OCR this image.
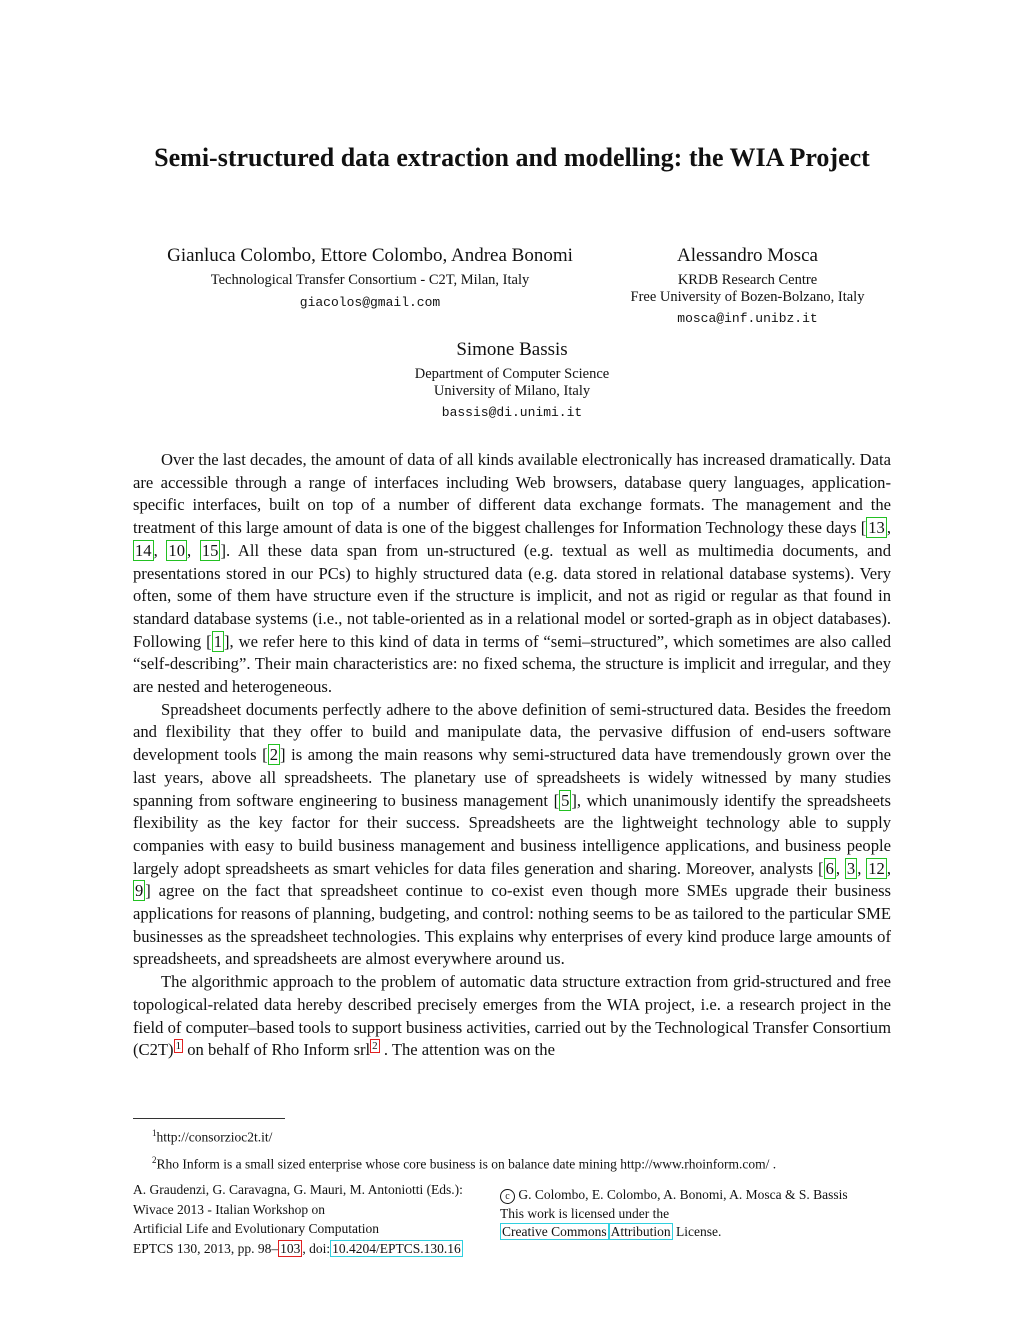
Semi-structured data extraction and modelling: the WIA Project
Gianluca Colombo, Ettore Colombo, Andrea Bonomi
Technological Transfer Consortium - C2T, Milan, Italy
giacolos@gmail.com
Alessandro Mosca
KRDB Research Centre
Free University of Bozen-Bolzano, Italy
mosca@inf.unibz.it
Simone Bassis
Department of Computer Science
University of Milano, Italy
bassis@di.unimi.it

Over the last decades, the amount of data of all kinds available electronically has increased dramatically. Data are accessible through a range of interfaces including Web browsers, database query languages, application-specific interfaces, built on top of a number of different data exchange formats. The management and the treatment of this large amount of data is one of the biggest challenges for Information Technology these days [ 13 , 14 , 10 , 15 ]. All these data span from un-structured (e.g. textual as well as multimedia documents, and presentations stored in our PCs) to highly structured data (e.g. data stored in relational database systems). Very often, some of them have structure even if the structure is implicit, and not as rigid or regular as that found in standard database systems (i.e., not table-oriented as in a relational model or sorted-graph as in object databases). Following [ 1 ], we refer here to this kind of data in terms of “semi–structured”, which sometimes are also called “self-describing”. Their main characteristics are: no fixed schema, the structure is implicit and irregular, and they are nested and heterogeneous.

Spreadsheet documents perfectly adhere to the above definition of semi-structured data. Besides the freedom and flexibility that they offer to build and manipulate data, the pervasive diffusion of end-users software development tools [ 2 ] is among the main reasons why semi-structured data have tremendously grown over the last years, above all spreadsheets. The planetary use of spreadsheets is widely witnessed by many studies spanning from software engineering to business management [ 5 ], which unanimously identify the spreadsheets flexibility as the key factor for their success. Spreadsheets are the lightweight technology able to supply companies with easy to build business management and business intelligence applications, and business people largely adopt spreadsheets as smart vehicles for data files generation and sharing. Moreover, analysts [ 6 , 3 , 12 , 9 ] agree on the fact that spreadsheet continue to co-exist even though more SMEs upgrade their business applications for reasons of planning, budgeting, and control: nothing seems to be as tailored to the particular SME businesses as the spreadsheet technologies. This explains why enterprises of every kind produce large amounts of spreadsheets, and spreadsheets are almost everywhere around us.

The algorithmic approach to the problem of automatic data structure extraction from grid-structured and free topological-related data hereby described precisely emerges from the WIA project, i.e. a research project in the field of computer–based tools to support business activities, carried out by the Technological Transfer Consortium (C2T) $^1$ on behalf of Rho Inform srl $^2$ . The attention was on the

$^1$http://consorzioc2t.it/
$^2$Rho Inform is a small sized enterprise whose core business is on balance date mining http://www.rhoinform.com/ .
A. Graudenzi, G. Caravagna, G. Mauri, M. Antoniotti (Eds.):
Wivace 2013 - Italian Workshop on
Artificial Life and Evolutionary Computation
EPTCS 130, 2013, pp. 98– 103 , doi: 10.4204/EPTCS.130.16
c G. Colombo, E. Colombo, A. Bonomi, A. Mosca & S. Bassis
This work is licensed under the
Creative Commons Attribution License.
